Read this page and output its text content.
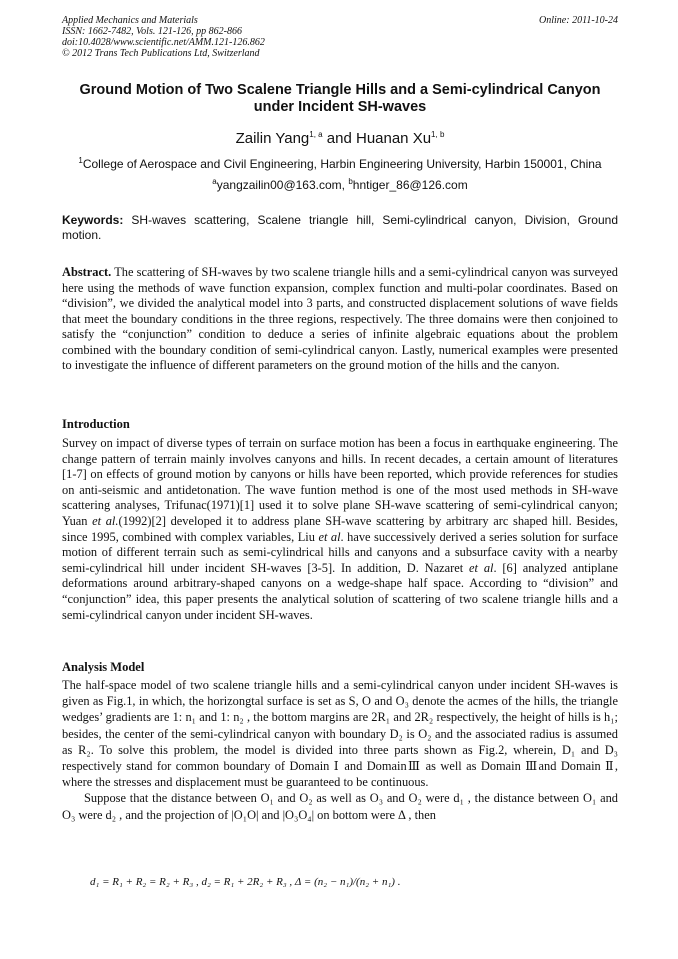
Applied Mechanics and Materials
ISSN: 1662-7482, Vols. 121-126, pp 862-866
doi:10.4028/www.scientific.net/AMM.121-126.862
© 2012 Trans Tech Publications Ltd, Switzerland
Online: 2011-10-24
Ground Motion of Two Scalene Triangle Hills and a Semi-cylindrical Canyon under Incident SH-waves
Zailin Yang$^{1, a}$ and Huanan Xu$^{1, b}$
$^1$College of Aerospace and Civil Engineering, Harbin Engineering University, Harbin 150001, China
$^a$yangzailin00@163.com, $^b$hntiger_86@126.com
Keywords: SH-waves scattering, Scalene triangle hill, Semi-cylindrical canyon, Division, Ground motion.
Abstract. The scattering of SH-waves by two scalene triangle hills and a semi-cylindrical canyon was surveyed here using the methods of wave function expansion, complex function and multi-polar coordinates. Based on “division”, we divided the analytical model into 3 parts, and constructed displacement solutions of wave fields that meet the boundary conditions in the three regions, respectively. The three domains were then conjoined to satisfy the “conjunction” condition to deduce a series of infinite algebraic equations about the problem combined with the boundary condition of semi-cylindrical canyon. Lastly, numerical examples were presented to investigate the influence of different parameters on the ground motion of the hills and the canyon.
Introduction
Survey on impact of diverse types of terrain on surface motion has been a focus in earthquake engineering. The change pattern of terrain mainly involves canyons and hills. In recent decades, a certain amount of literatures [1-7] on effects of ground motion by canyons or hills have been reported, which provide references for studies on anti-seismic and antidetonation. The wave funtion method is one of the most used methods in SH-wave scattering analyses, Trifunac(1971)[1] used it to solve plane SH-wave scattering of semi-cylindrical canyon; Yuan et al.(1992)[2] developed it to address plane SH-wave scattering by arbitrary arc shaped hill. Besides, since 1995, combined with complex variables, Liu et al. have successively derived a series solution for surface motion of different terrain such as semi-cylindrical hills and canyons and a subsurface cavity with a nearby semi-cylindrical hill under incident SH-waves [3-5]. In addition, D. Nazaret et al. [6] analyzed antiplane deformations around arbitrary-shaped canyons on a wedge-shape half space. According to “division” and “conjunction” idea, this paper presents the analytical solution of scattering of two scalene triangle hills and a semi-cylindrical canyon under incident SH-waves.
Analysis Model

The half-space model of two scalene triangle hills and a semi-cylindrical canyon under incident SH-waves is given as Fig.1, in which, the horizongtal surface is set as S, O and O₃ denote the acmes of the hills, the triangle wedges’ gradients are 1: n₁ and 1: n₂ , the bottom margins are 2R₁ and 2R₂ respectively, the height of hills is h₁; besides, the center of the semi-cylindrical canyon with boundary D₂ is O₂ and the associated radius is assumed as R₂. To solve this problem, the model is divided into three parts shown as Fig.2, wherein, D₁ and D₃ respectively stand for common boundary of Domain Ⅰ and DomainⅢ as well as Domain Ⅲand Domain Ⅱ, where the stresses and displacement must be guaranteed to be continuous.

Suppose that the distance between O₁ and O₂ as well as O₃ and O₂ were d₁ , the distance between O₁ and O₃ were d₂ , and the projection of |O₁O| and |O₃O₄| on bottom were Δ , then

d₁ = R₁ + R₂ = R₂ + R₃ , d₂ = R₁ + 2R₂ + R₃ , Δ = (n₂ − n₁)/(n₂ + n₁) .
